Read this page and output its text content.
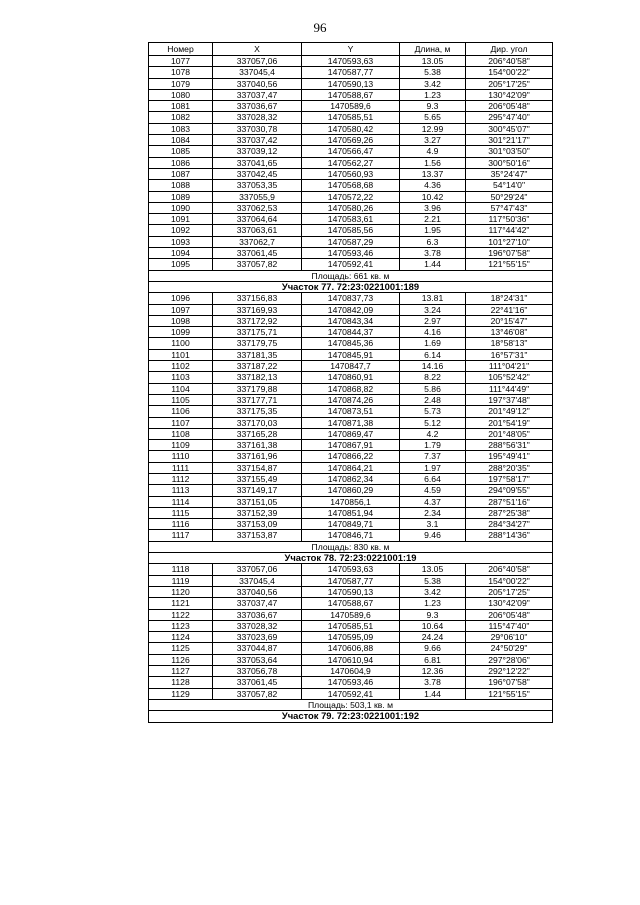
96
Номер	X	Y	Длина, м	Дир. угол
1077	337057,06	1470593,63	13.05	206°40'58"
1078	337045,4	1470587,77	5.38	154°00'22"
1079	337040,56	1470590,13	3.42	205°17'25"
1080	337037,47	1470588,67	1.23	130°42'09"
1081	337036,67	1470589,6	9.3	206°05'48"
1082	337028,32	1470585,51	5.65	295°47'40"
1083	337030,78	1470580,42	12.99	300°45'07"
1084	337037,42	1470569,26	3.27	301°21'17"
1085	337039,12	1470566,47	4.9	301°03'50"
1086	337041,65	1470562,27	1.56	300°50'16"
1087	337042,45	1470560,93	13.37	35°24'47"
1088	337053,35	1470568,68	4.36	54°14'0"
1089	337055,9	1470572,22	10.42	50°29'24"
1090	337062,53	1470580,26	3.96	57°47'43"
1091	337064,64	1470583,61	2.21	117°50'36"
1092	337063,61	1470585,56	1.95	117°44'42"
1093	337062,7	1470587,29	6.3	101°27'10"
1094	337061,45	1470593,46	3.78	196°07'58"
1095	337057,82	1470592,41	1.44	121°55'15"
Площадь: 661 кв. м				
Участок 77. 72:23:0221001:189				
1096	337156,83	1470837,73	13.81	18°24'31"
1097	337169,93	1470842,09	3.24	22°41'16"
1098	337172,92	1470843,34	2.97	20°15'47"
1099	337175,71	1470844,37	4.16	13°46'08"
1100	337179,75	1470845,36	1.69	18°58'13"
1101	337181,35	1470845,91	6.14	16°57'31"
1102	337187,22	1470847,7	14.16	111°04'21"
1103	337182,13	1470860,91	8.22	105°52'42"
1104	337179,88	1470868,82	5.86	111°44'49"
1105	337177,71	1470874,26	2.48	197°37'48"
1106	337175,35	1470873,51	5.73	201°49'12"
1107	337170,03	1470871,38	5.12	201°54'19"
1108	337165,28	1470869,47	4.2	201°48'05"
1109	337161,38	1470867,91	1.79	288°56'31"
1110	337161,96	1470866,22	7.37	195°49'41"
1111	337154,87	1470864,21	1.97	288°20'35"
1112	337155,49	1470862,34	6.64	197°58'17"
1113	337149,17	1470860,29	4.59	294°09'55"
1114	337151,05	1470856,1	4.37	287°51'16"
1115	337152,39	1470851,94	2.34	287°25'38"
1116	337153,09	1470849,71	3.1	284°34'27"
1117	337153,87	1470846,71	9.46	288°14'36"
Площадь: 830 кв. м				
Участок 78. 72:23:0221001:19				
1118	337057,06	1470593,63	13.05	206°40'58"
1119	337045,4	1470587,77	5.38	154°00'22"
1120	337040,56	1470590,13	3.42	205°17'25"
1121	337037,47	1470588,67	1.23	130°42'09"
1122	337036,67	1470589,6	9.3	206°05'48"
1123	337028,32	1470585,51	10.64	115°47'40"
1124	337023,69	1470595,09	24.24	29°06'10"
1125	337044,87	1470606,88	9.66	24°50'29"
1126	337053,64	1470610,94	6.81	297°28'06"
1127	337056,78	1470604,9	12.36	292°12'22"
1128	337061,45	1470593,46	3.78	196°07'58"
1129	337057,82	1470592,41	1.44	121°55'15"
Площадь: 503,1 кв. м				
Участок 79. 72:23:0221001:192				
